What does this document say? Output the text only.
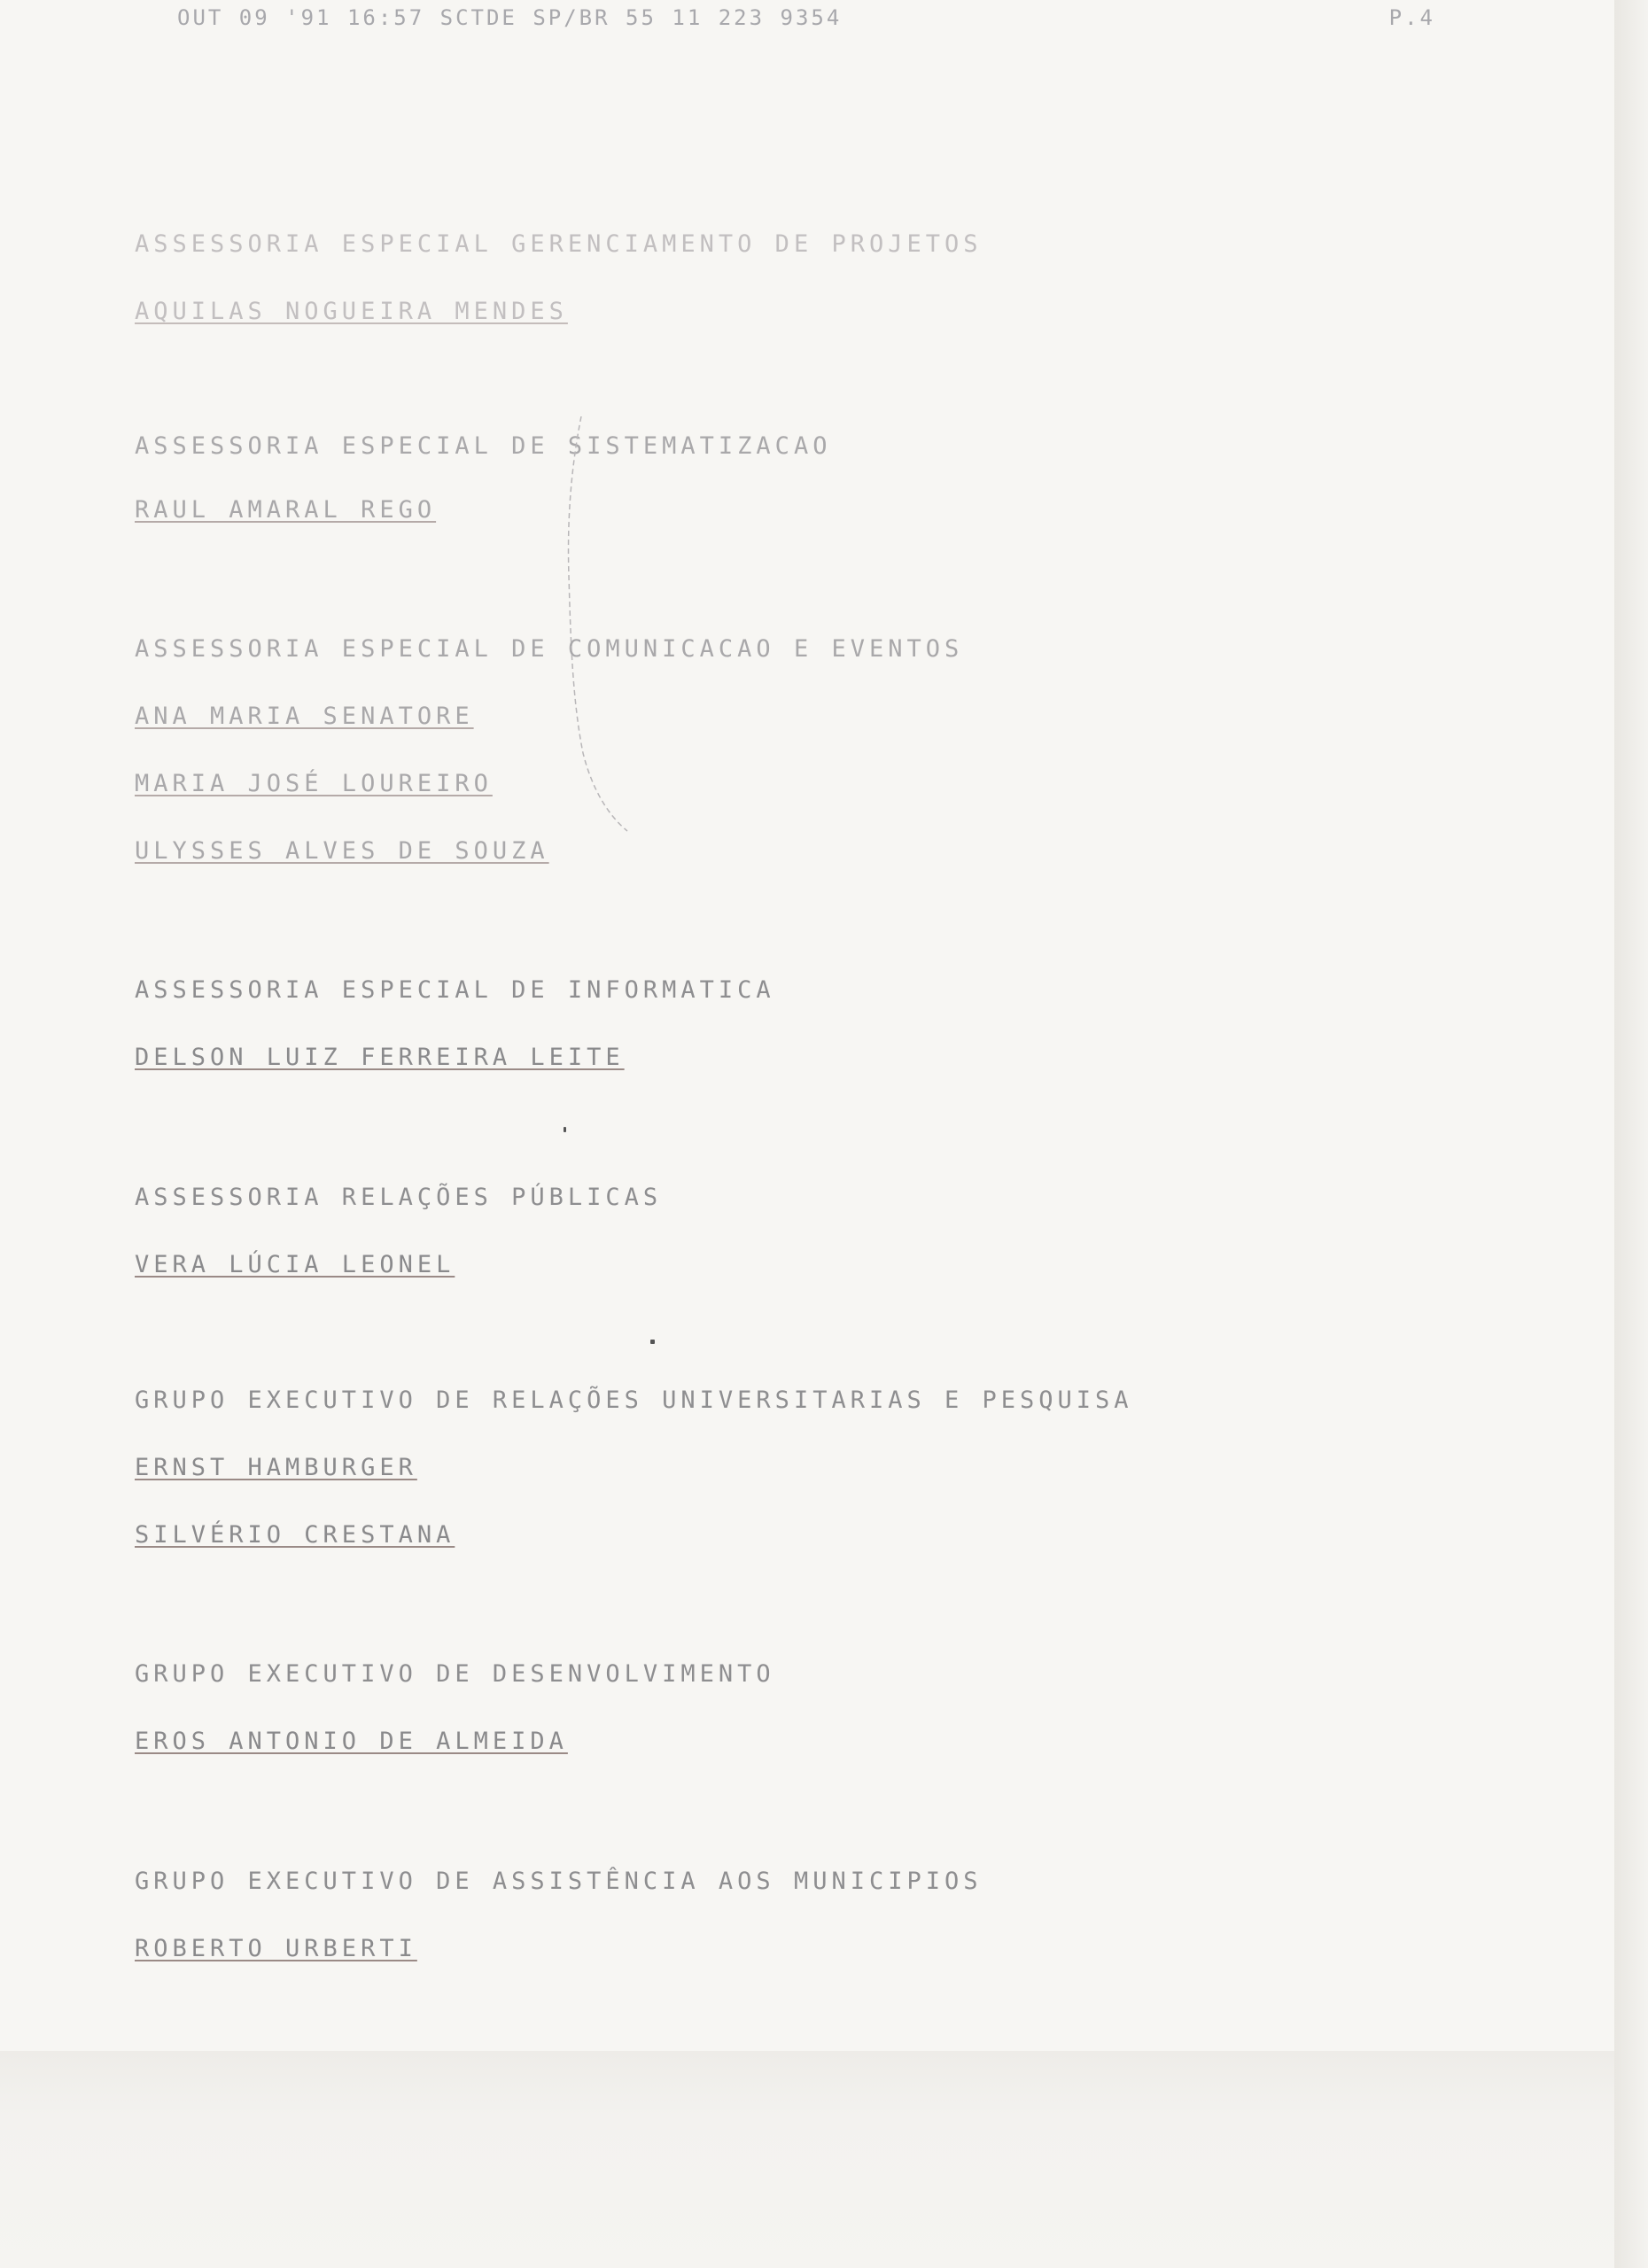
OUT 09 '91 16:57 SCTDE SP/BR 55 11 223 9354	P.4
ASSESSORIA ESPECIAL GERENCIAMENTO DE PROJETOS
AQUILAS NOGUEIRA MENDES
ASSESSORIA ESPECIAL DE SISTEMATIZACAO
RAUL AMARAL REGO
ASSESSORIA ESPECIAL DE COMUNICACAO E EVENTOS
ANA MARIA SENATORE
MARIA JOSÉ LOUREIRO
ULYSSES ALVES DE SOUZA
ASSESSORIA ESPECIAL DE INFORMATICA
DELSON LUIZ FERREIRA LEITE
ASSESSORIA RELAÇÕES PÚBLICAS
VERA LÚCIA LEONEL
GRUPO EXECUTIVO DE RELAÇÕES UNIVERSITARIAS E PESQUISA
ERNST HAMBURGER
SILVÉRIO CRESTANA
GRUPO EXECUTIVO DE DESENVOLVIMENTO
EROS ANTONIO DE ALMEIDA
GRUPO EXECUTIVO DE ASSISTÊNCIA AOS MUNICIPIOS
ROBERTO URBERTI
